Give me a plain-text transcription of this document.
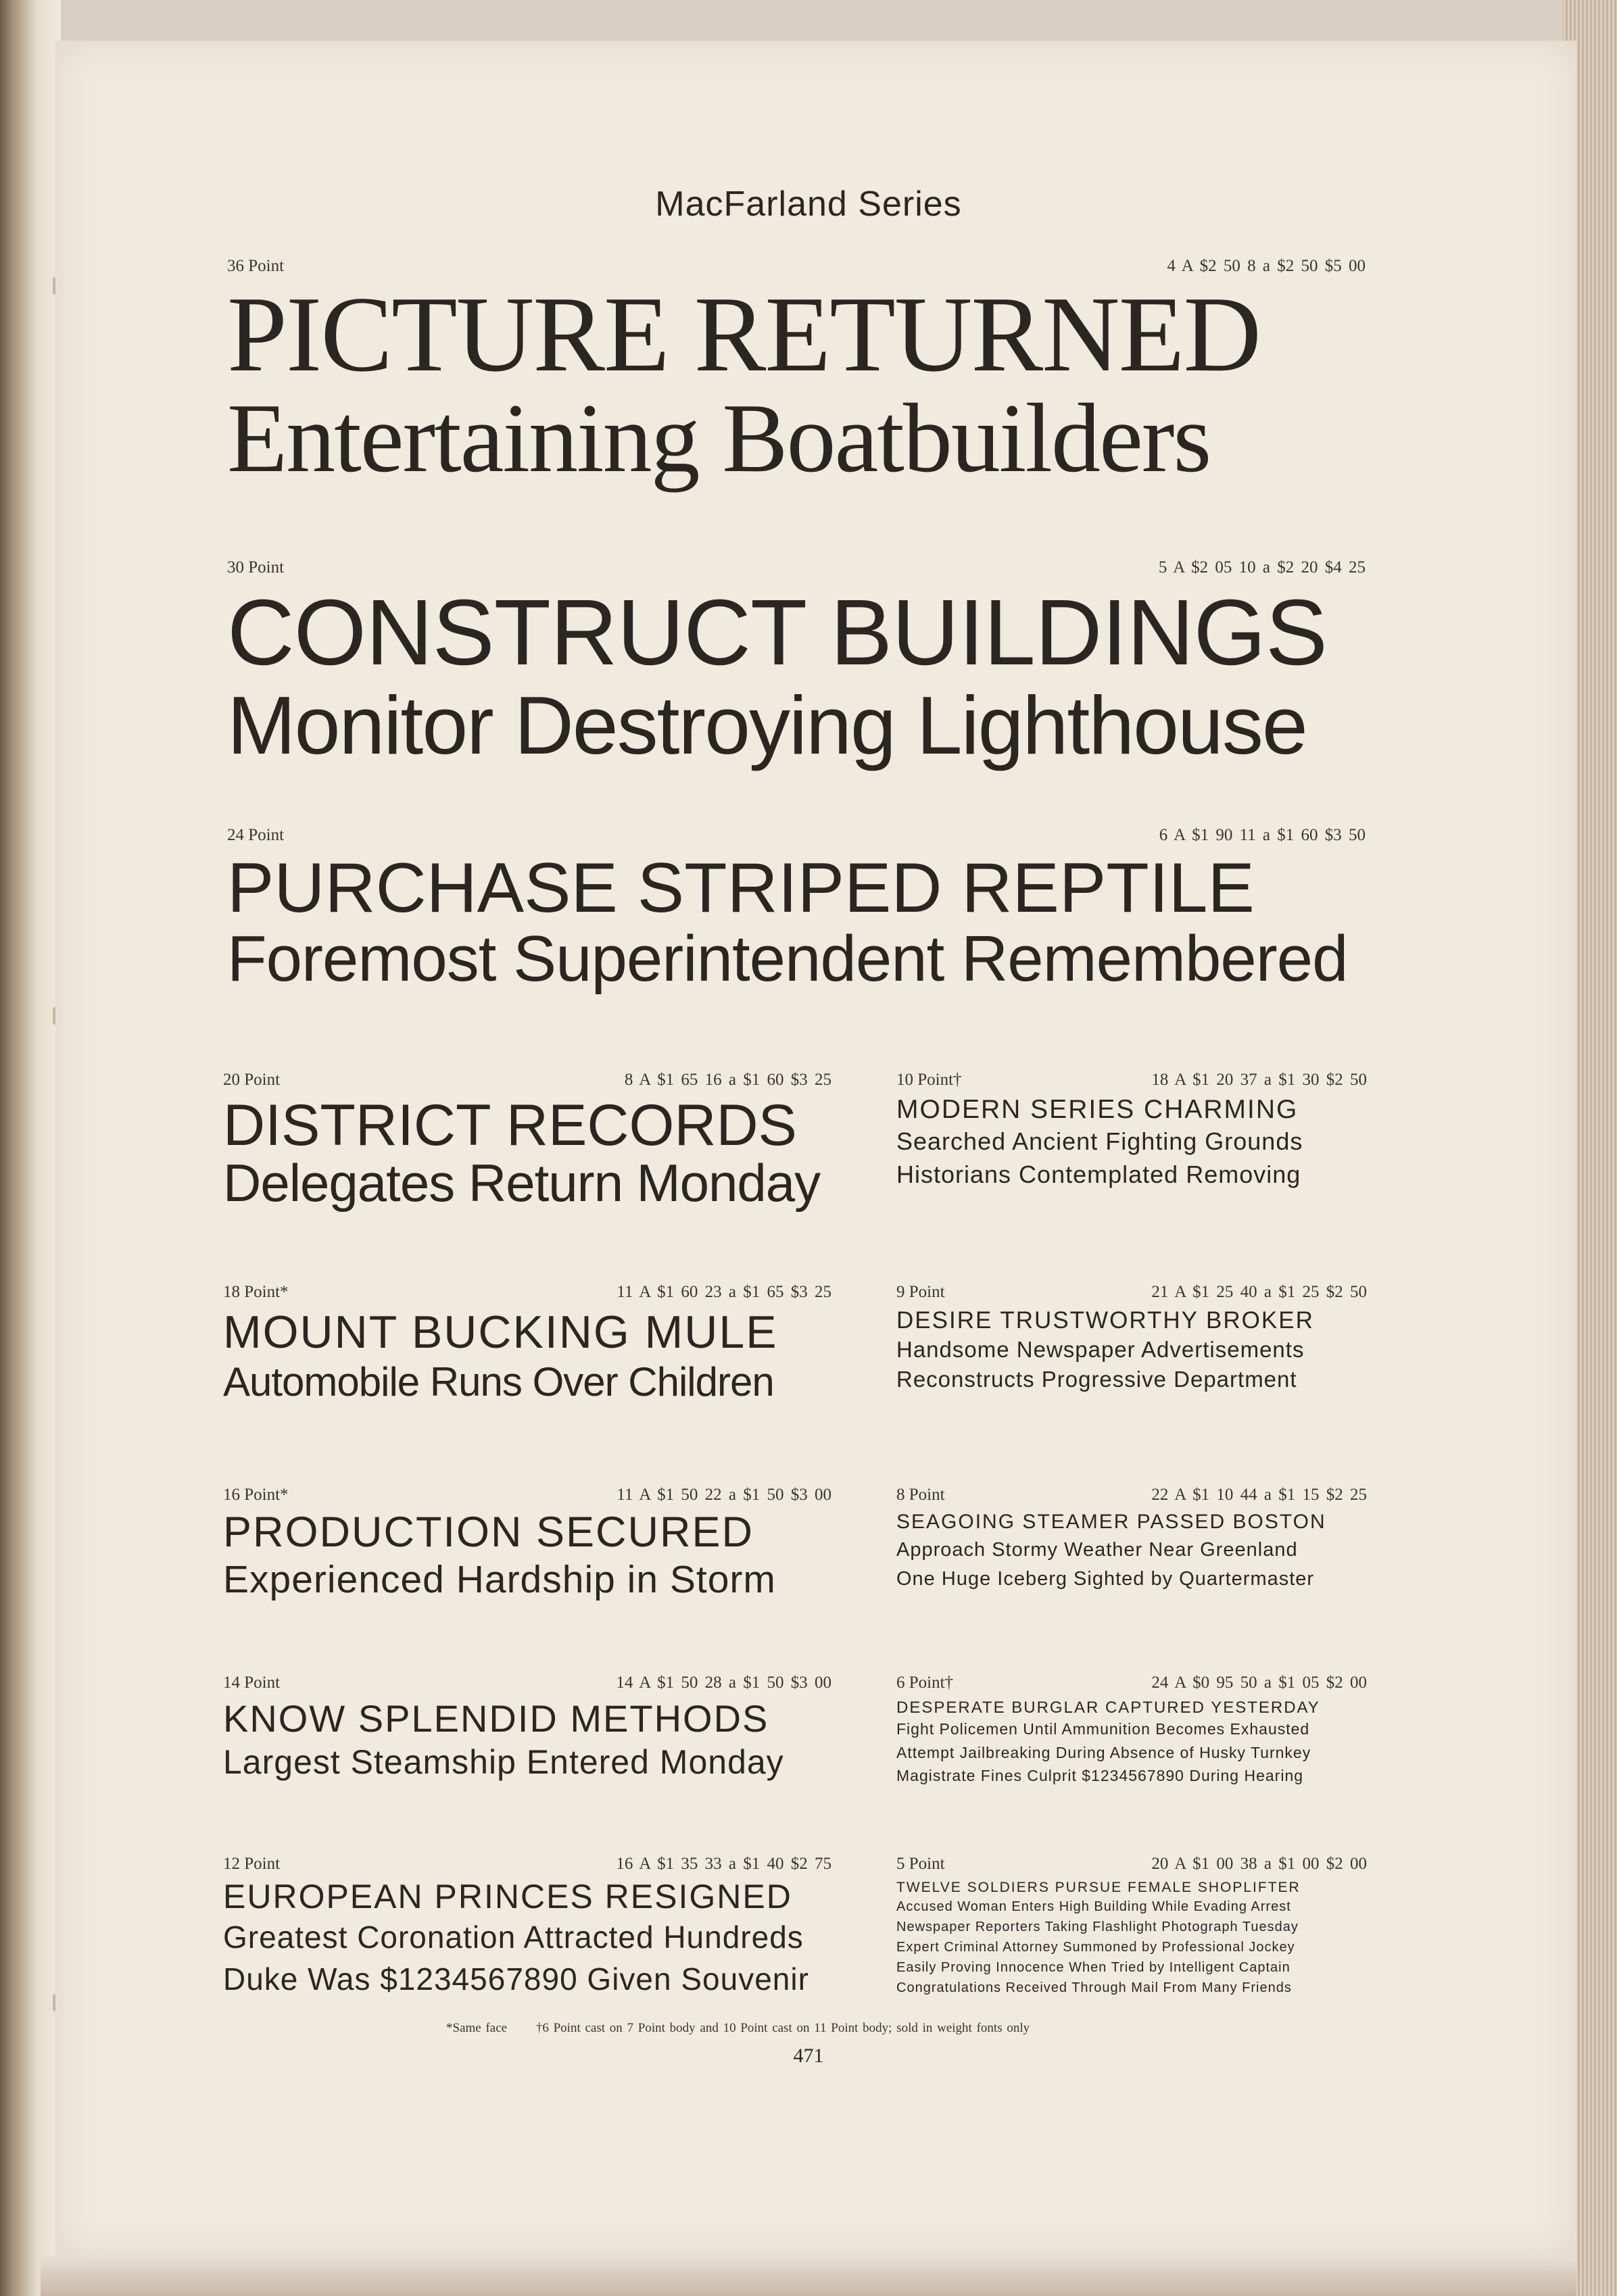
MacFarland Series
36 Point	4 A $2 50 8 a $2 50 $5 00
PICTURE RETURNED
Entertaining Boatbuilders
30 Point	5 A $2 05 10 a $2 20 $4 25
CONSTRUCT BUILDINGS
Monitor Destroying Lighthouse
24 Point	6 A $1 90 11 a $1 60 $3 50
PURCHASE STRIPED REPTILE
Foremost Superintendent Remembered
20 Point	8 A $1 65 16 a $1 60 $3 25
DISTRICT RECORDS
Delegates Return Monday
18 Point*	11 A $1 60 23 a $1 65 $3 25
MOUNT BUCKING MULE
Automobile Runs Over Children
16 Point*	11 A $1 50 22 a $1 50 $3 00
PRODUCTION SECURED
Experienced Hardship in Storm
14 Point	14 A $1 50 28 a $1 50 $3 00
KNOW SPLENDID METHODS
Largest Steamship Entered Monday
12 Point	16 A $1 35 33 a $1 40 $2 75
EUROPEAN PRINCES RESIGNED
Greatest Coronation Attracted Hundreds
Duke Was $1234567890 Given Souvenir
10 Point†	18 A $1 20 37 a $1 30 $2 50
MODERN SERIES CHARMING
Searched Ancient Fighting Grounds
Historians Contemplated Removing
9 Point	21 A $1 25 40 a $1 25 $2 50
DESIRE TRUSTWORTHY BROKER
Handsome Newspaper Advertisements
Reconstructs Progressive Department
8 Point	22 A $1 10 44 a $1 15 $2 25
SEAGOING STEAMER PASSED BOSTON
Approach Stormy Weather Near Greenland
One Huge Iceberg Sighted by Quartermaster
6 Point†	24 A $0 95 50 a $1 05 $2 00
DESPERATE BURGLAR CAPTURED YESTERDAY
Fight Policemen Until Ammunition Becomes Exhausted
Attempt Jailbreaking During Absence of Husky Turnkey
Magistrate Fines Culprit $1234567890 During Hearing
5 Point	20 A $1 00 38 a $1 00 $2 00
TWELVE SOLDIERS PURSUE FEMALE SHOPLIFTER
Accused Woman Enters High Building While Evading Arrest
Newspaper Reporters Taking Flashlight Photograph Tuesday
Expert Criminal Attorney Summoned by Professional Jockey
Easily Proving Innocence When Tried by Intelligent Captain
Congratulations Received Through Mail From Many Friends
*Same face †6 Point cast on 7 Point body and 10 Point cast on 11 Point body; sold in weight fonts only
471
